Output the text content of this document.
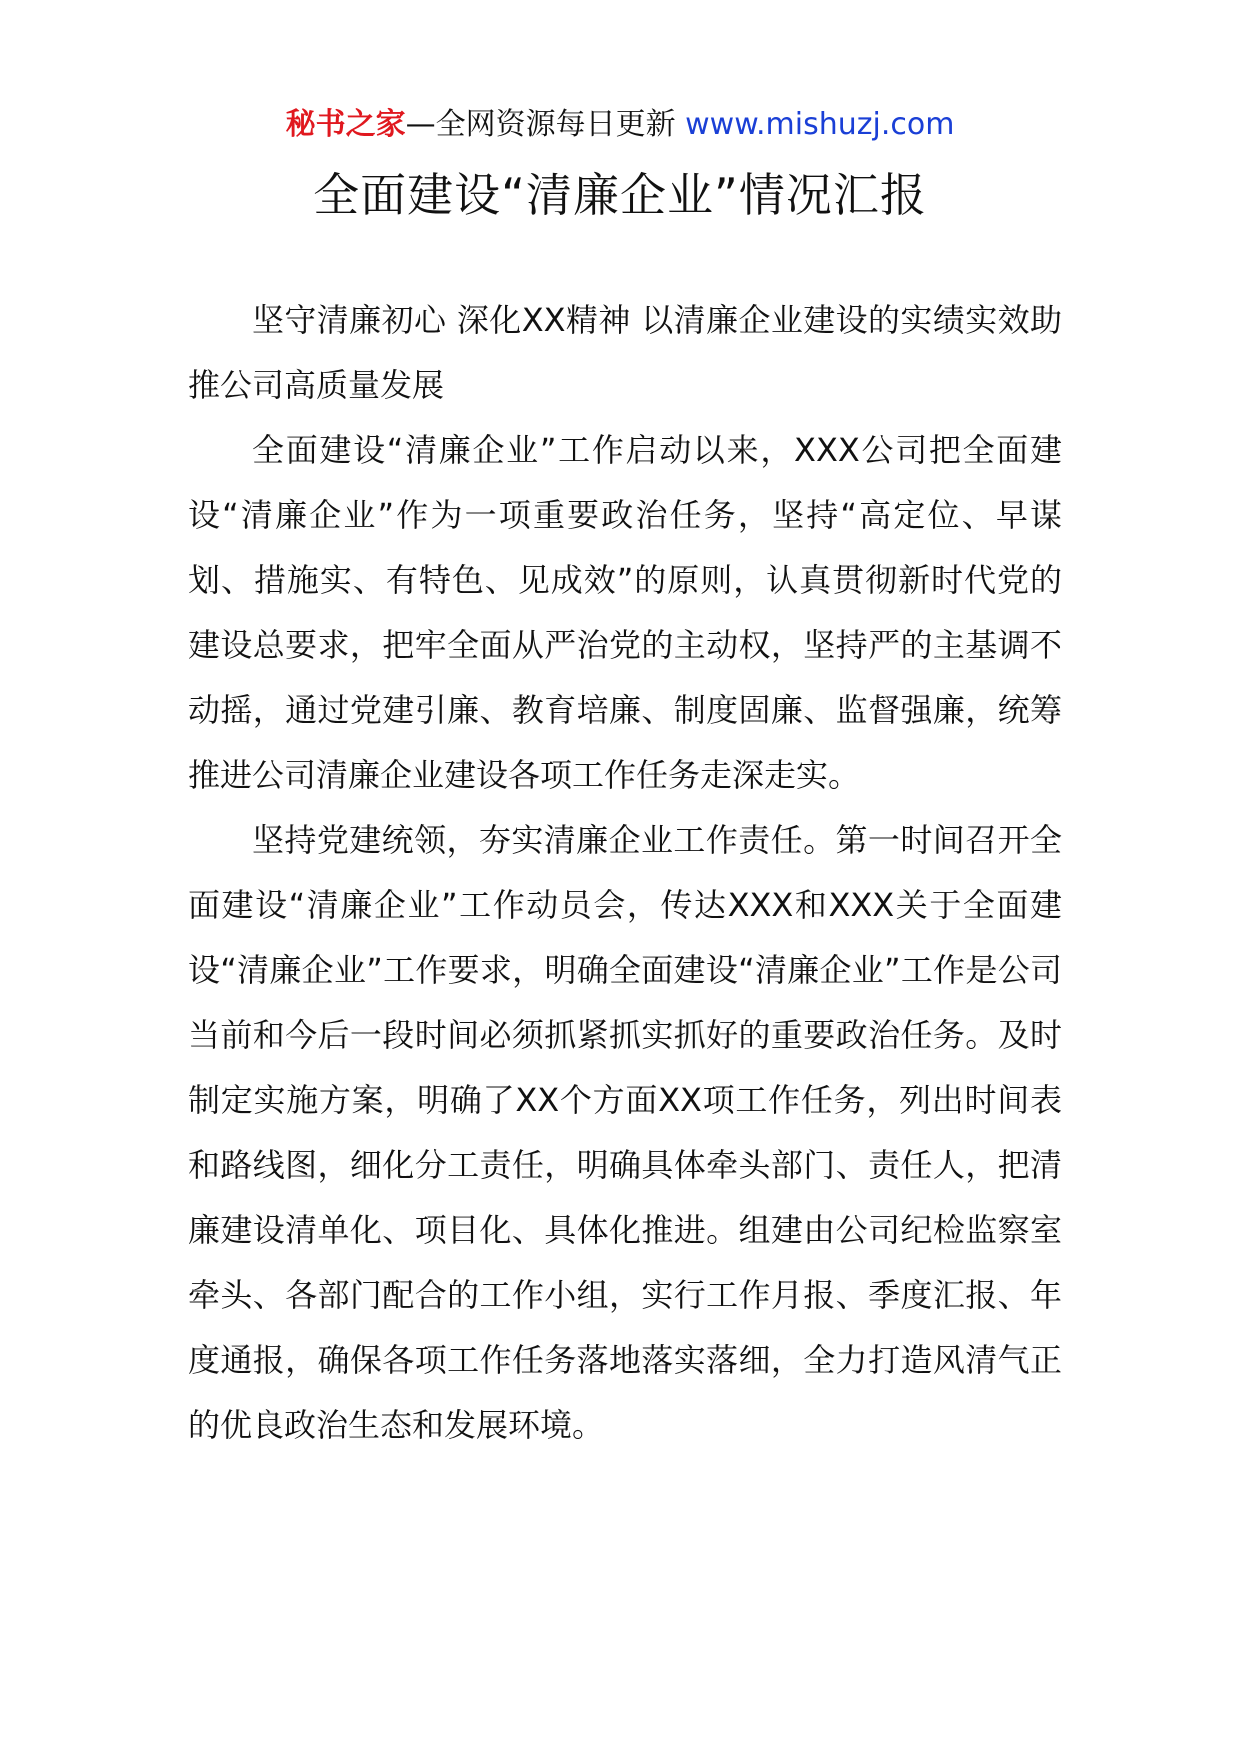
秘书之家—全网资源每日更新 www.mishuzj.com
全面建设“清廉企业”情况汇报

坚守清廉初心 深化XX精神 以清廉企业建设的实绩实效助推公司高质量发展

全面建设“清廉企业”工作启动以来，XXX公司把全面建设“清廉企业”作为一项重要政治任务，坚持“高定位、早谋划、措施实、有特色、见成效”的原则，认真贯彻新时代党的建设总要求，把牢全面从严治党的主动权，坚持严的主基调不动摇，通过党建引廉、教育培廉、制度固廉、监督强廉，统筹推进公司清廉企业建设各项工作任务走深走实。

坚持党建统领，夯实清廉企业工作责任。第一时间召开全面建设“清廉企业”工作动员会，传达XXX和XXX关于全面建设“清廉企业”工作要求，明确全面建设“清廉企业”工作是公司当前和今后一段时间必须抓紧抓实抓好的重要政治任务。及时制定实施方案，明确了XX个方面XX项工作任务，列出时间表和路线图，细化分工责任，明确具体牵头部门、责任人，把清廉建设清单化、项目化、具体化推进。组建由公司纪检监察室牵头、各部门配合的工作小组，实行工作月报、季度汇报、年度通报，确保各项工作任务落地落实落细，全力打造风清气正的优良政治生态和发展环境。
